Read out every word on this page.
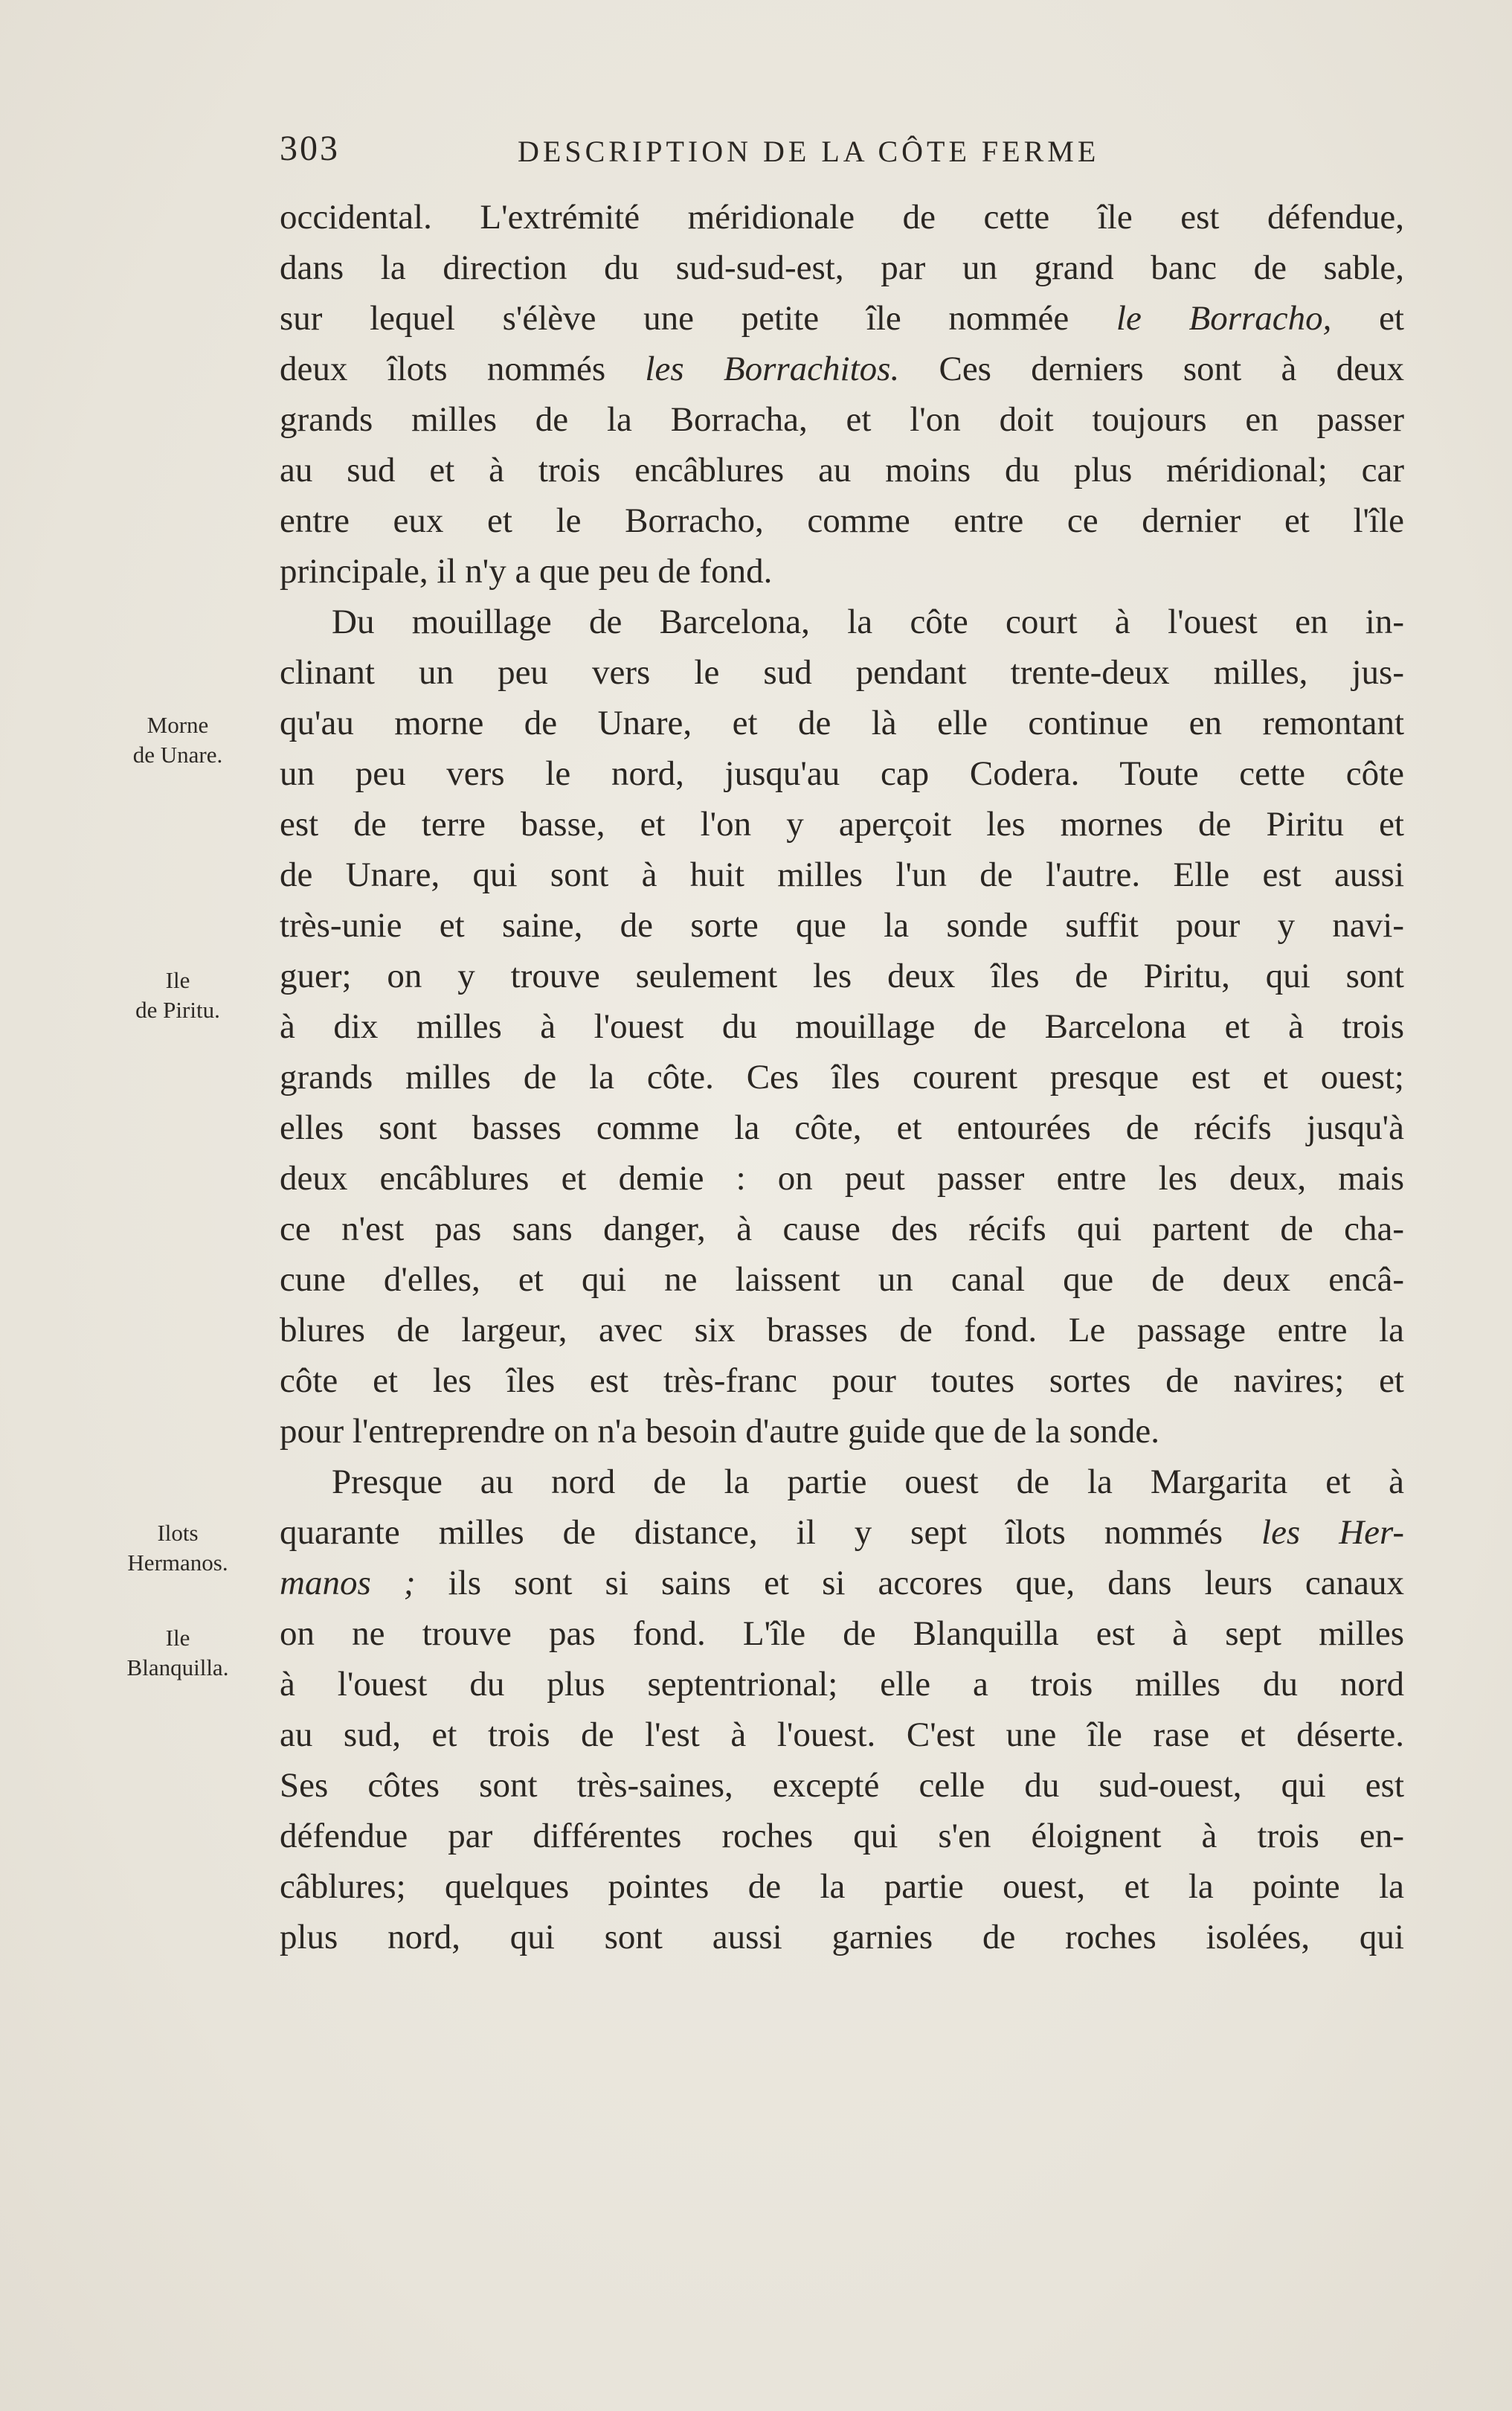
303	DESCRIPTION DE LA CÔTE FERME
Morne
de Unare.
Ile
de Piritu.
Ilots
Hermanos.
Ile
Blanquilla.
occidental. L'extrémité méridionale de cette île est défendue,
dans la direction du sud-sud-est, par un grand banc de sable,
sur lequel s'élève une petite île nommée le Borracho, et
deux îlots nommés les Borrachitos. Ces derniers sont à deux
grands milles de la Borracha, et l'on doit toujours en passer
au sud et à trois encâblures au moins du plus méridional; car
entre eux et le Borracho, comme entre ce dernier et l'île
principale, il n'y a que peu de fond.
Du mouillage de Barcelona, la côte court à l'ouest en in-
clinant un peu vers le sud pendant trente-deux milles, jus-
qu'au morne de Unare, et de là elle continue en remontant
un peu vers le nord, jusqu'au cap Codera. Toute cette côte
est de terre basse, et l'on y aperçoit les mornes de Piritu et
de Unare, qui sont à huit milles l'un de l'autre. Elle est aussi
très-unie et saine, de sorte que la sonde suffit pour y navi-
guer; on y trouve seulement les deux îles de Piritu, qui sont
à dix milles à l'ouest du mouillage de Barcelona et à trois
grands milles de la côte. Ces îles courent presque est et ouest;
elles sont basses comme la côte, et entourées de récifs jusqu'à
deux encâblures et demie : on peut passer entre les deux, mais
ce n'est pas sans danger, à cause des récifs qui partent de cha-
cune d'elles, et qui ne laissent un canal que de deux encâ-
blures de largeur, avec six brasses de fond. Le passage entre la
côte et les îles est très-franc pour toutes sortes de navires; et
pour l'entreprendre on n'a besoin d'autre guide que de la sonde.
Presque au nord de la partie ouest de la Margarita et à
quarante milles de distance, il y sept îlots nommés les Her-
manos ; ils sont si sains et si accores que, dans leurs canaux
on ne trouve pas fond. L'île de Blanquilla est à sept milles
à l'ouest du plus septentrional; elle a trois milles du nord
au sud, et trois de l'est à l'ouest. C'est une île rase et déserte.
Ses côtes sont très-saines, excepté celle du sud-ouest, qui est
défendue par différentes roches qui s'en éloignent à trois en-
câblures; quelques pointes de la partie ouest, et la pointe la
plus nord, qui sont aussi garnies de roches isolées, qui
